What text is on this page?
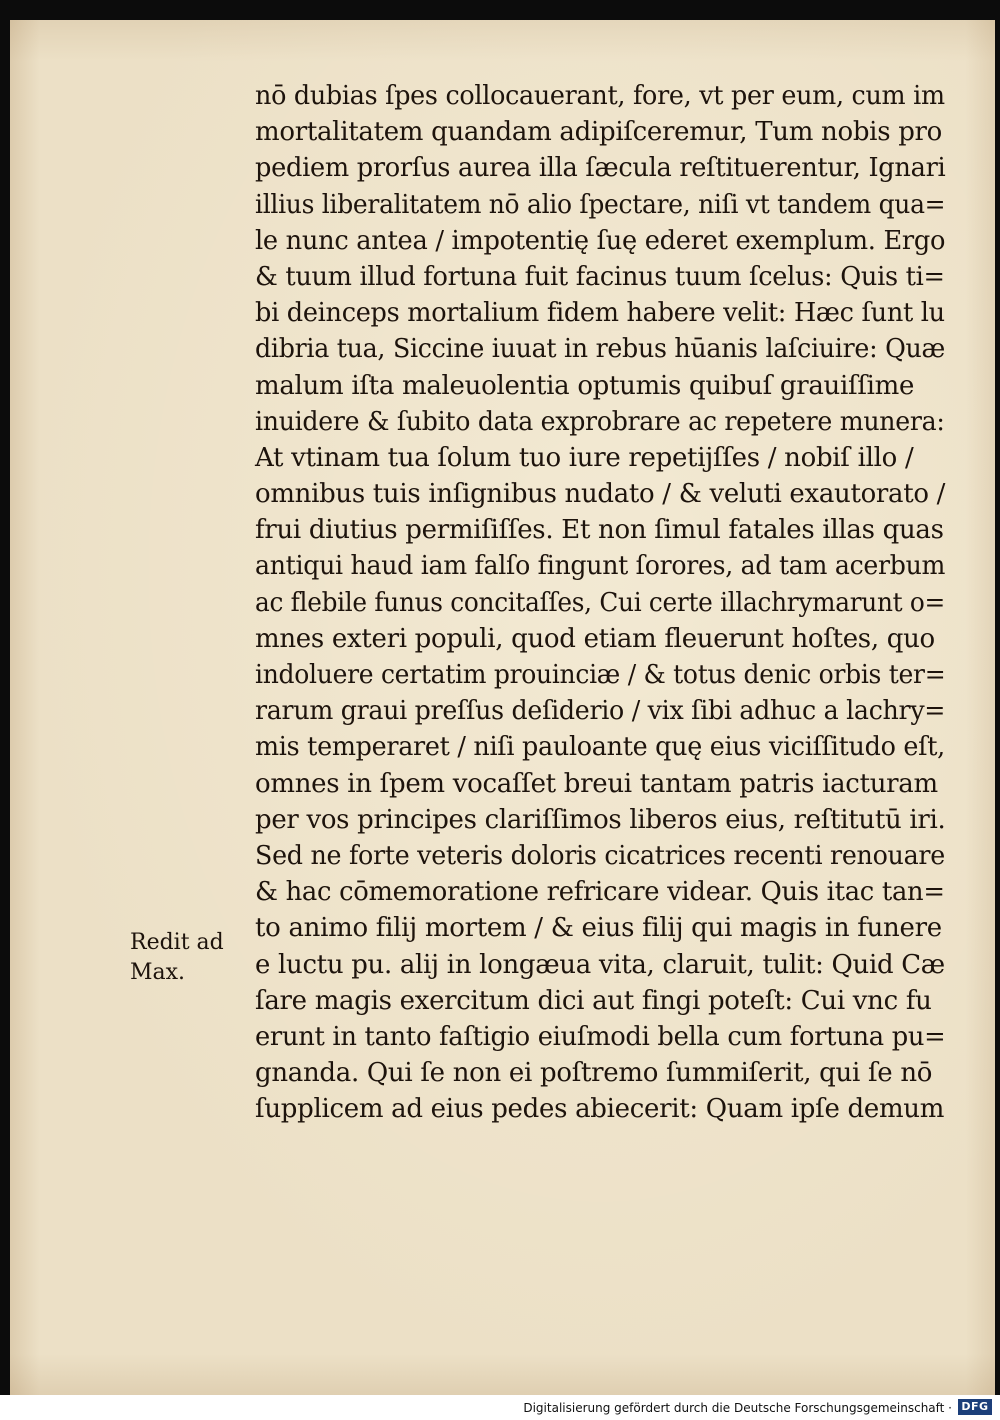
nō dubias ſpes collocauerant, fore, vt per eum, cum im
mortalitatem quandam adipiſceremur, Tum nobis pro
pediem prorſus aurea illa ſæcula reſtituerentur, Ignari
illius liberalitatem nō alio ſpectare, niſi vt tandem qua=
le nunc antea / impotentię ſuę ederet exemplum. Ergo
& tuum illud fortuna fuit facinus tuum ſcelus: Quis ti=
bi deinceps mortalium fidem habere velit: Hæc ſunt lu
dibria tua, Siccine iuuat in rebus hūanis laſciuire: Quæ
malum iſta maleuolentia optumis quibuſ grauiſſime
inuidere & ſubito data exprobrare ac repetere munera:
At vtinam tua ſolum tuo iure repetijſſes / nobiſ illo /
omnibus tuis inſignibus nudato / & veluti exautorato /
frui diutius permiſiſſes. Et non ſimul fatales illas quas
antiqui haud iam falſo fingunt ſorores, ad tam acerbum
ac flebile funus concitaſſes, Cui certe illachrymarunt o=
mnes exteri populi, quod etiam fleuerunt hoſtes, quo
indoluere certatim prouinciæ / & totus denic orbis ter=
rarum graui preſſus deſiderio / vix ſibi adhuc a lachry=
mis temperaret / niſi pauloante quę eius viciſſitudo eſt,
omnes in ſpem vocaſſet breui tantam patris iacturam
per vos principes clariſſimos liberos eius, reſtitutū iri.
Sed ne forte veteris doloris cicatrices recenti renouare
& hac cōmemoratione refricare videar. Quis itac tan=
to animo filij mortem / & eius filij qui magis in funere
e luctu pu. alij in longæua vita, claruit, tulit: Quid Cæ
ſare magis exercitum dici aut fingi poteſt: Cui vnc fu
erunt in tanto faſtigio eiuſmodi bella cum fortuna pu=
gnanda. Qui ſe non ei poſtremo ſummiſerit, qui ſe nō
ſupplicem ad eius pedes abiecerit: Quam ipſe demum
Redit ad
Max.
Digitalisierung gefördert durch die Deutsche Forschungsgemeinschaft · DFG
